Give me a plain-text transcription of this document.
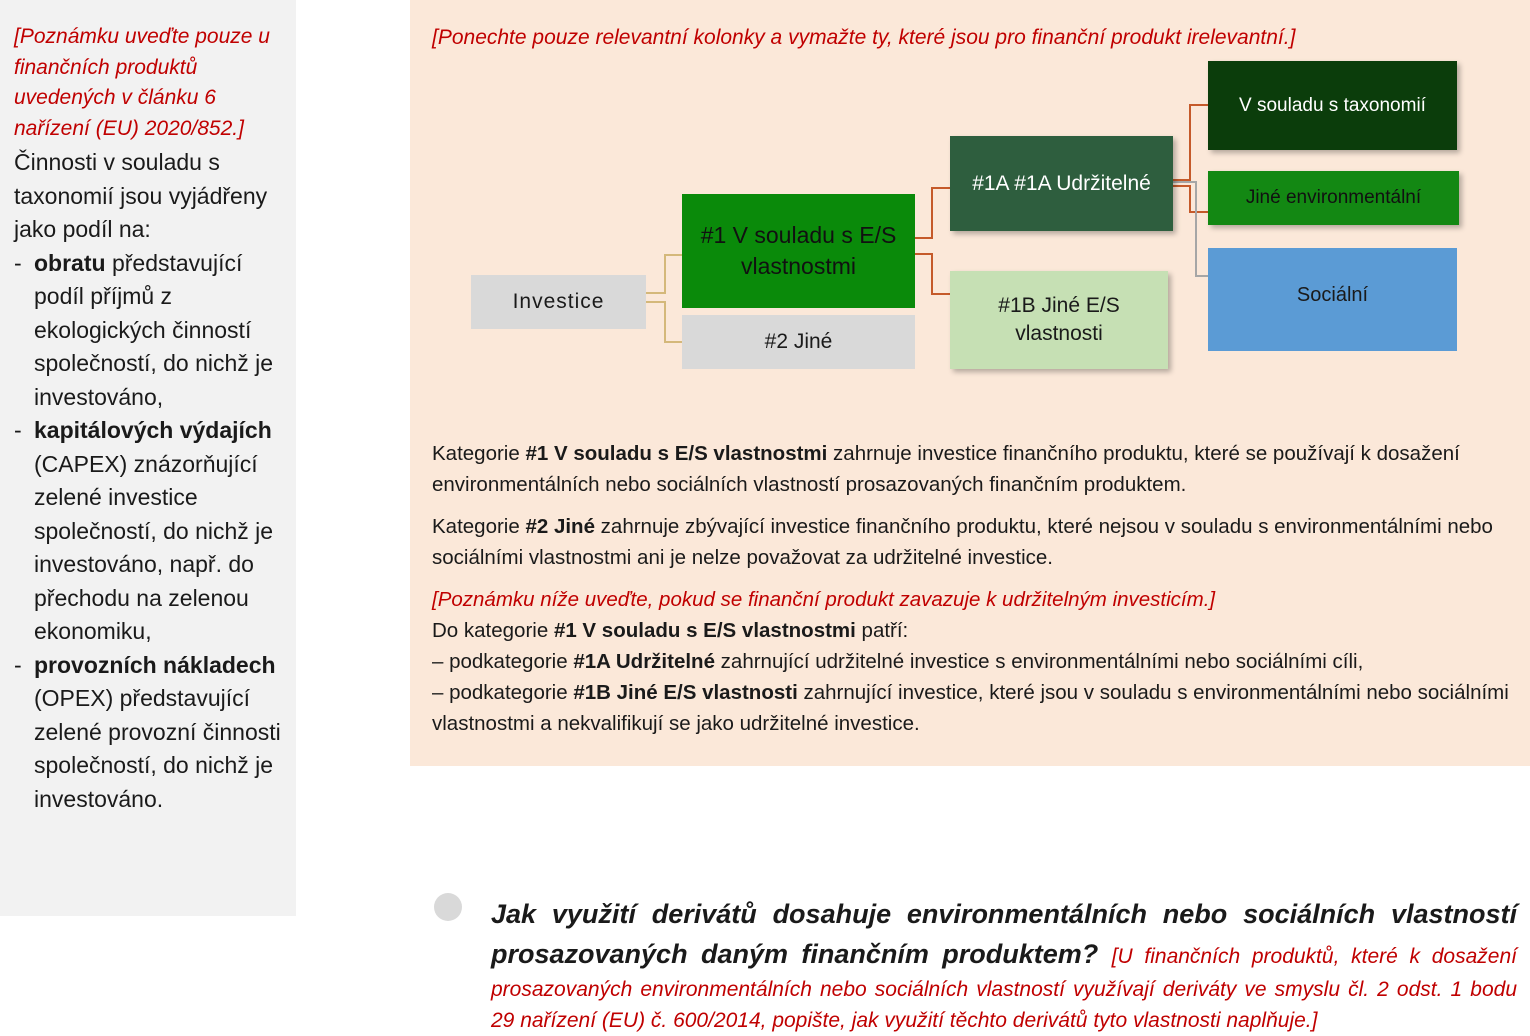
[Poznámku uveďte pouze u finančních produktů uvedených v článku 6 nařízení (EU) 2020/852.]
Činnosti v souladu s taxonomií jsou vyjádřeny jako podíl na:
- obratu představující podíl příjmů z ekologických činností společností, do nichž je investováno,
- kapitálových výdajích (CAPEX) znázorňující zelené investice společností, do nichž je investováno, např. do přechodu na zelenou ekonomiku,
- provozních nákladech (OPEX) představující zelené provozní činnosti společností, do nichž je investováno.
[Ponechte pouze relevantní kolonky a vymažte ty, které jsou pro finanční produkt irelevantní.]
Investice
#1 V souladu s E/S vlastnostmi
#2 Jiné
#1A #1A Udržitelné
#1B Jiné E/S vlastnosti
V souladu s taxonomií
Jiné environmentální
Sociální

Kategorie #1 V souladu s E/S vlastnostmi zahrnuje investice finančního produktu, které se používají k dosažení environmentálních nebo sociálních vlastností prosazovaných finančním produktem.

Kategorie #2 Jiné zahrnuje zbývající investice finančního produktu, které nejsou v souladu s environmentálními nebo sociálními vlastnostmi ani je nelze považovat za udržitelné investice.

[Poznámku níže uveďte, pokud se finanční produkt zavazuje k udržitelným investicím.]

Do kategorie #1 V souladu s E/S vlastnostmi patří:

– podkategorie #1A Udržitelné zahrnující udržitelné investice s environmentálními nebo sociálními cíli,

– podkategorie #1B Jiné E/S vlastnosti zahrnující investice, které jsou v souladu s environmentálními nebo sociálními vlastnostmi a nekvalifikují se jako udržitelné investice.

Jak využití derivátů dosahuje environmentálních nebo sociálních vlastností prosazovaných daným finančním produktem? [U finančních produktů, které k dosažení prosazovaných environmentálních nebo sociálních vlastností využívají deriváty ve smyslu čl. 2 odst. 1 bodu 29 nařízení (EU) č. 600/2014, popište, jak využití těchto derivátů tyto vlastnosti naplňuje.]
